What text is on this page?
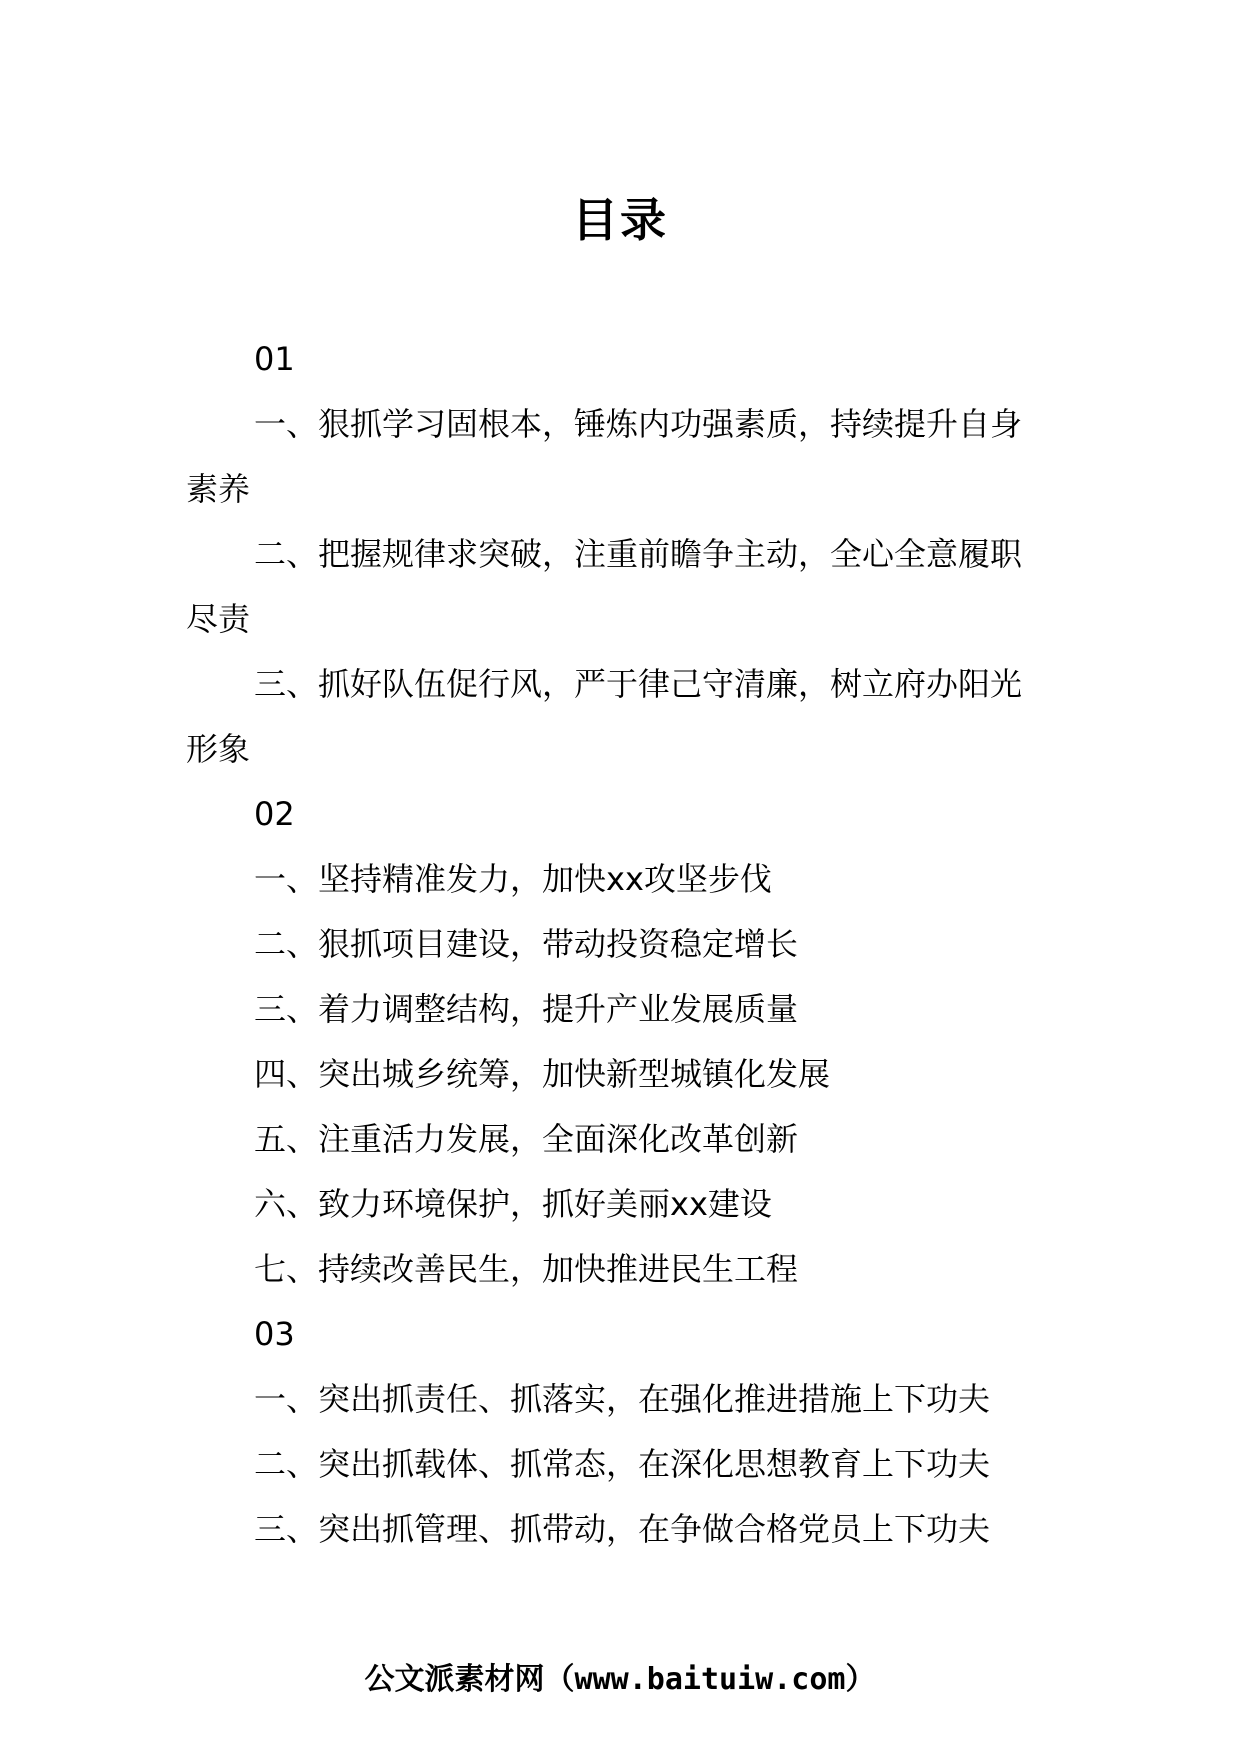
目录
01
一、狠抓学习固根本，锤炼内功强素质，持续提升自身素养
二、把握规律求突破，注重前瞻争主动，全心全意履职尽责
三、抓好队伍促行风，严于律己守清廉，树立府办阳光形象
02
一、坚持精准发力，加快xx攻坚步伐
二、狠抓项目建设，带动投资稳定增长
三、着力调整结构，提升产业发展质量
四、突出城乡统筹，加快新型城镇化发展
五、注重活力发展，全面深化改革创新
六、致力环境保护，抓好美丽xx建设
七、持续改善民生，加快推进民生工程
03
一、突出抓责任、抓落实，在强化推进措施上下功夫
二、突出抓载体、抓常态，在深化思想教育上下功夫
三、突出抓管理、抓带动，在争做合格党员上下功夫
公文派素材网（www.baituiw.com）
